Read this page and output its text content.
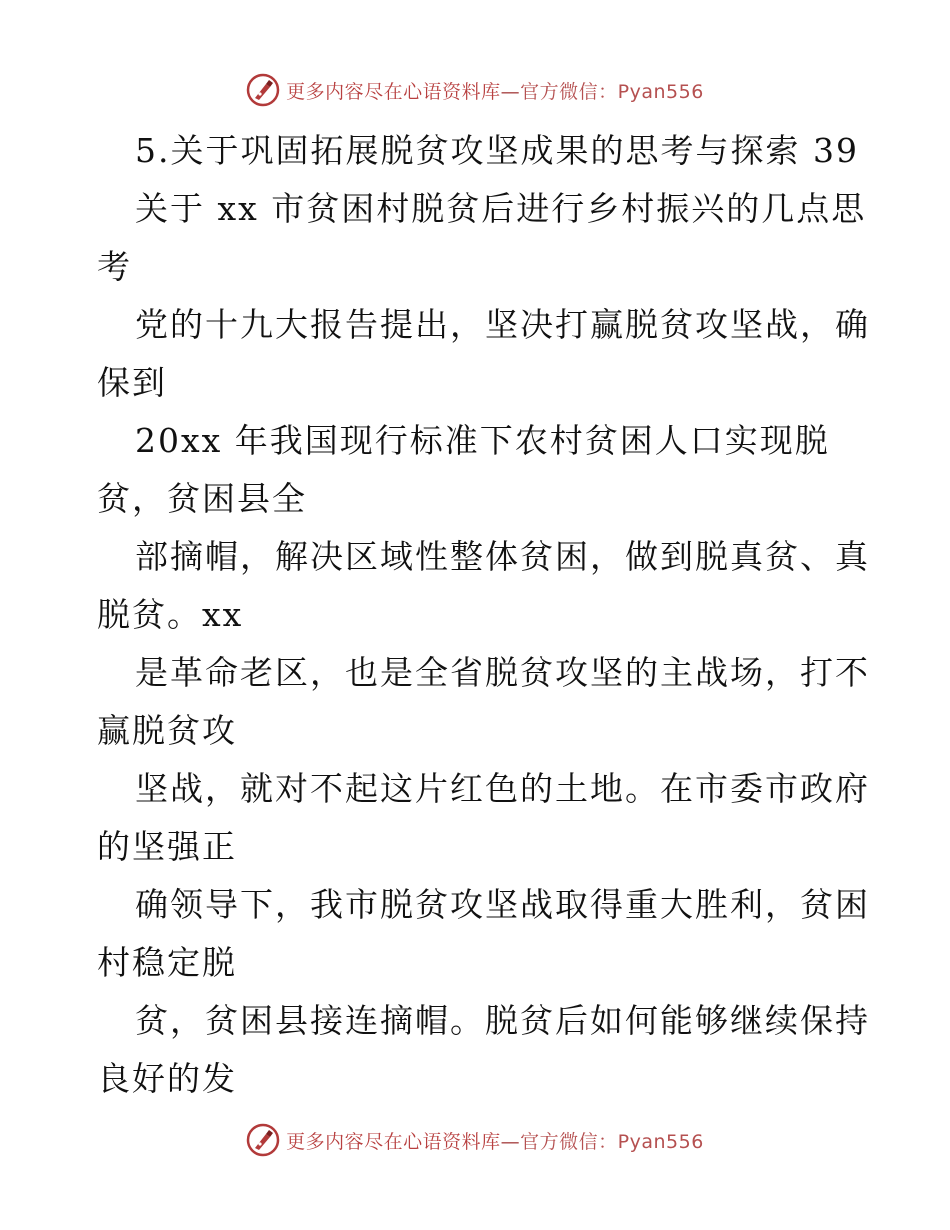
更多内容尽在心语资料库—官方微信：Pyan556
5.关于巩固拓展脱贫攻坚成果的思考与探索 39
关于 xx 市贫困村脱贫后进行乡村振兴的几点思
考
党的十九大报告提出，坚决打赢脱贫攻坚战，确
保到
20xx 年我国现行标准下农村贫困人口实现脱
贫，贫困县全
部摘帽，解决区域性整体贫困，做到脱真贫、真
脱贫。xx
是革命老区，也是全省脱贫攻坚的主战场，打不
赢脱贫攻
坚战，就对不起这片红色的土地。在市委市政府
的坚强正
确领导下，我市脱贫攻坚战取得重大胜利，贫困
村稳定脱
贫，贫困县接连摘帽。脱贫后如何能够继续保持
良好的发
更多内容尽在心语资料库—官方微信：Pyan556
